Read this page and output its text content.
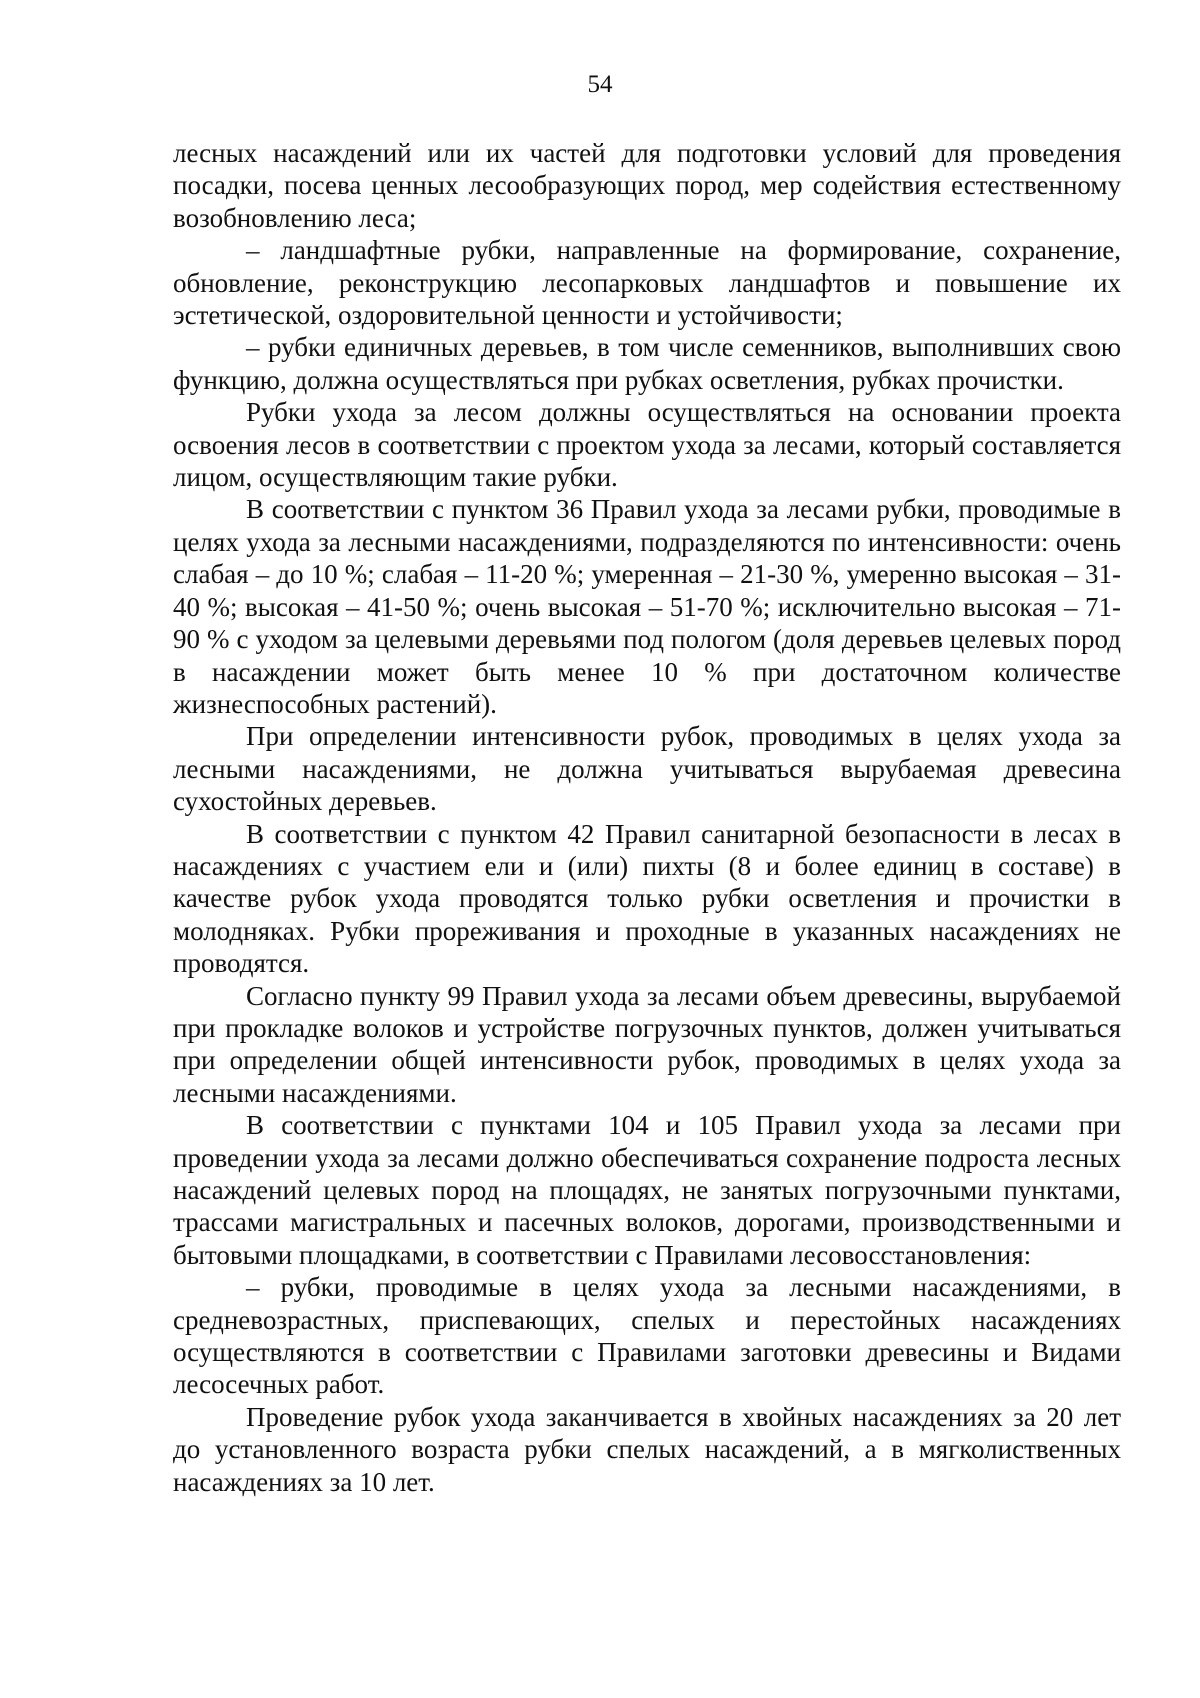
54

лесных насаждений или их частей для подготовки условий для проведения посадки, посева ценных лесообразующих пород, мер содействия естественному возобновлению леса;

– ландшафтные рубки, направленные на формирование, сохранение, обновление, реконструкцию лесопарковых ландшафтов и повышение их эстетической, оздоровительной ценности и устойчивости;

– рубки единичных деревьев, в том числе семенников, выполнивших свою функцию, должна осуществляться при рубках осветления, рубках прочистки.

Рубки ухода за лесом должны осуществляться на основании проекта освоения лесов в соответствии с проектом ухода за лесами, который составляется лицом, осуществляющим такие рубки.

В соответствии с пунктом 36 Правил ухода за лесами рубки, проводимые в целях ухода за лесными насаждениями, подразделяются по интенсивности: очень слабая – до 10 %; слабая – 11-20 %; умеренная – 21-30 %, умеренно высокая – 31-40 %; высокая – 41-50 %; очень высокая – 51-70 %; исключительно высокая – 71-90 % с уходом за целевыми деревьями под пологом (доля деревьев целевых пород в насаждении может быть менее 10 % при достаточном количестве жизнеспособных растений).

При определении интенсивности рубок, проводимых в целях ухода за лесными насаждениями, не должна учитываться вырубаемая древесина сухостойных деревьев.

В соответствии с пунктом 42 Правил санитарной безопасности в лесах в насаждениях с участием ели и (или) пихты (8 и более единиц в составе) в качестве рубок ухода проводятся только рубки осветления и прочистки в молодняках. Рубки прореживания и проходные в указанных насаждениях не проводятся.

Согласно пункту 99 Правил ухода за лесами объем древесины, вырубаемой при прокладке волоков и устройстве погрузочных пунктов, должен учитываться при определении общей интенсивности рубок, проводимых в целях ухода за лесными насаждениями.

В соответствии с пунктами 104 и 105 Правил ухода за лесами при проведении ухода за лесами должно обеспечиваться сохранение подроста лесных насаждений целевых пород на площадях, не занятых погрузочными пунктами, трассами магистральных и пасечных волоков, дорогами, производственными и бытовыми площадками, в соответствии с Правилами лесовосстановления:

– рубки, проводимые в целях ухода за лесными насаждениями, в средневозрастных, приспевающих, спелых и перестойных насаждениях осуществляются в соответствии с Правилами заготовки древесины и Видами лесосечных работ.

Проведение рубок ухода заканчивается в хвойных насаждениях за 20 лет до установленного возраста рубки спелых насаждений, а в мягколиственных насаждениях за 10 лет.
